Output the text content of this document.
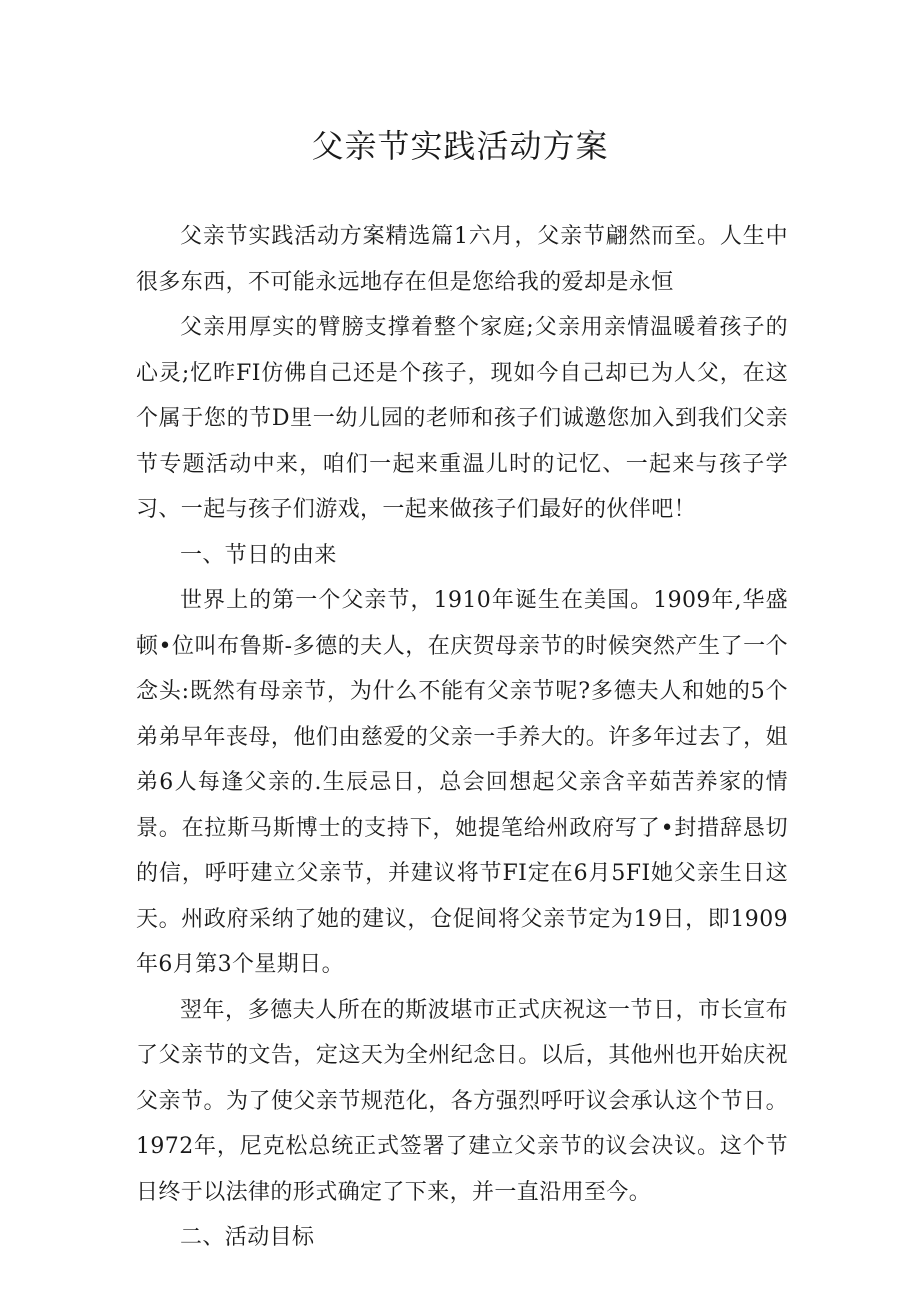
父亲节实践活动方案

父亲节实践活动方案精选篇1六月，父亲节翩然而至。人生中很多东西，不可能永远地存在但是您给我的爱却是永恒

父亲用厚实的臂膀支撑着整个家庭;父亲用亲情温暖着孩子的心灵;忆昨FI仿佛自己还是个孩子，现如今自己却已为人父，在这个属于您的节D里一幼儿园的老师和孩子们诚邀您加入到我们父亲节专题活动中来，咱们一起来重温儿时的记忆、一起来与孩子学习、一起与孩子们游戏，一起来做孩子们最好的伙伴吧！

一、节日的由来

世界上的第一个父亲节，1910年诞生在美国。1909年,华盛顿•位叫布鲁斯-多德的夫人，在庆贺母亲节的时候突然产生了一个念头:既然有母亲节，为什么不能有父亲节呢?多德夫人和她的5个弟弟早年丧母，他们由慈爱的父亲一手养大的。许多年过去了，姐弟6人每逢父亲的.生辰忌日，总会回想起父亲含辛茹苦养家的情景。在拉斯马斯博士的支持下，她提笔给州政府写了•封措辞恳切的信，呼吁建立父亲节，并建议将节FI定在6月5FI她父亲生日这天。州政府采纳了她的建议，仓促间将父亲节定为19日，即1909年6月第3个星期日。

翌年，多德夫人所在的斯波堪市正式庆祝这一节日，市长宣布了父亲节的文告，定这天为全州纪念日。以后，其他州也开始庆祝父亲节。为了使父亲节规范化，各方强烈呼吁议会承认这个节日。1972年，尼克松总统正式签署了建立父亲节的议会决议。这个节日终于以法律的形式确定了下来，并一直沿用至今。

二、活动目标
